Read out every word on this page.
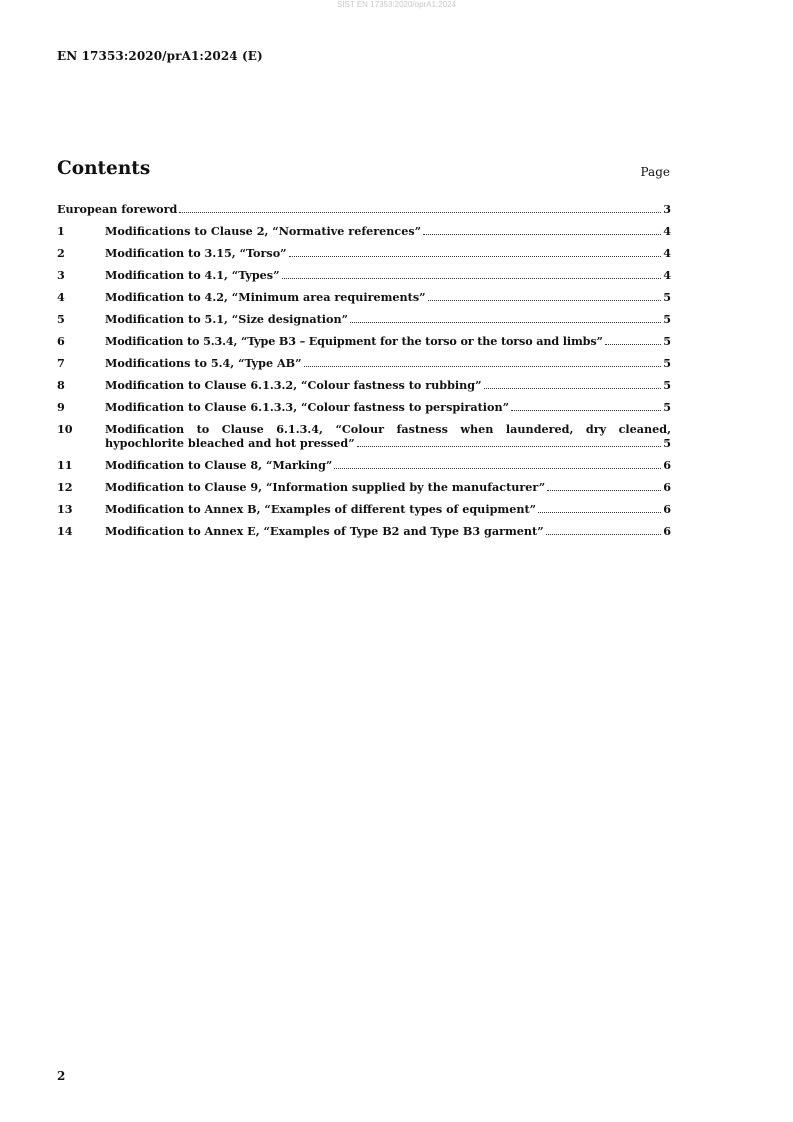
SIST EN 17353:2020/oprA1:2024
EN 17353:2020/prA1:2024 (E)
Contents	Page
European foreword	3
1	Modifications to Clause 2, “Normative references”	4
2	Modification to 3.15, “Torso”	4
3	Modification to 4.1, “Types”	4
4	Modification to 4.2, “Minimum area requirements”	5
5	Modification to 5.1, “Size designation”	5
6	Modification to 5.3.4, “Type B3 – Equipment for the torso or the torso and limbs”	5
7	Modifications to 5.4, “Type AB”	5
8	Modification to Clause 6.1.3.2, “Colour fastness to rubbing”	5
9	Modification to Clause 6.1.3.3, “Colour fastness to perspiration”	5
10	Modification to Clause 6.1.3.4, “Colour fastness when laundered, dry cleaned,
hypochlorite bleached and hot pressed”	5
11	Modification to Clause 8, “Marking”	6
12	Modification to Clause 9, “Information supplied by the manufacturer”	6
13	Modification to Annex B, “Examples of different types of equipment”	6
14	Modification to Annex E, “Examples of Type B2 and Type B3 garment”	6
2
